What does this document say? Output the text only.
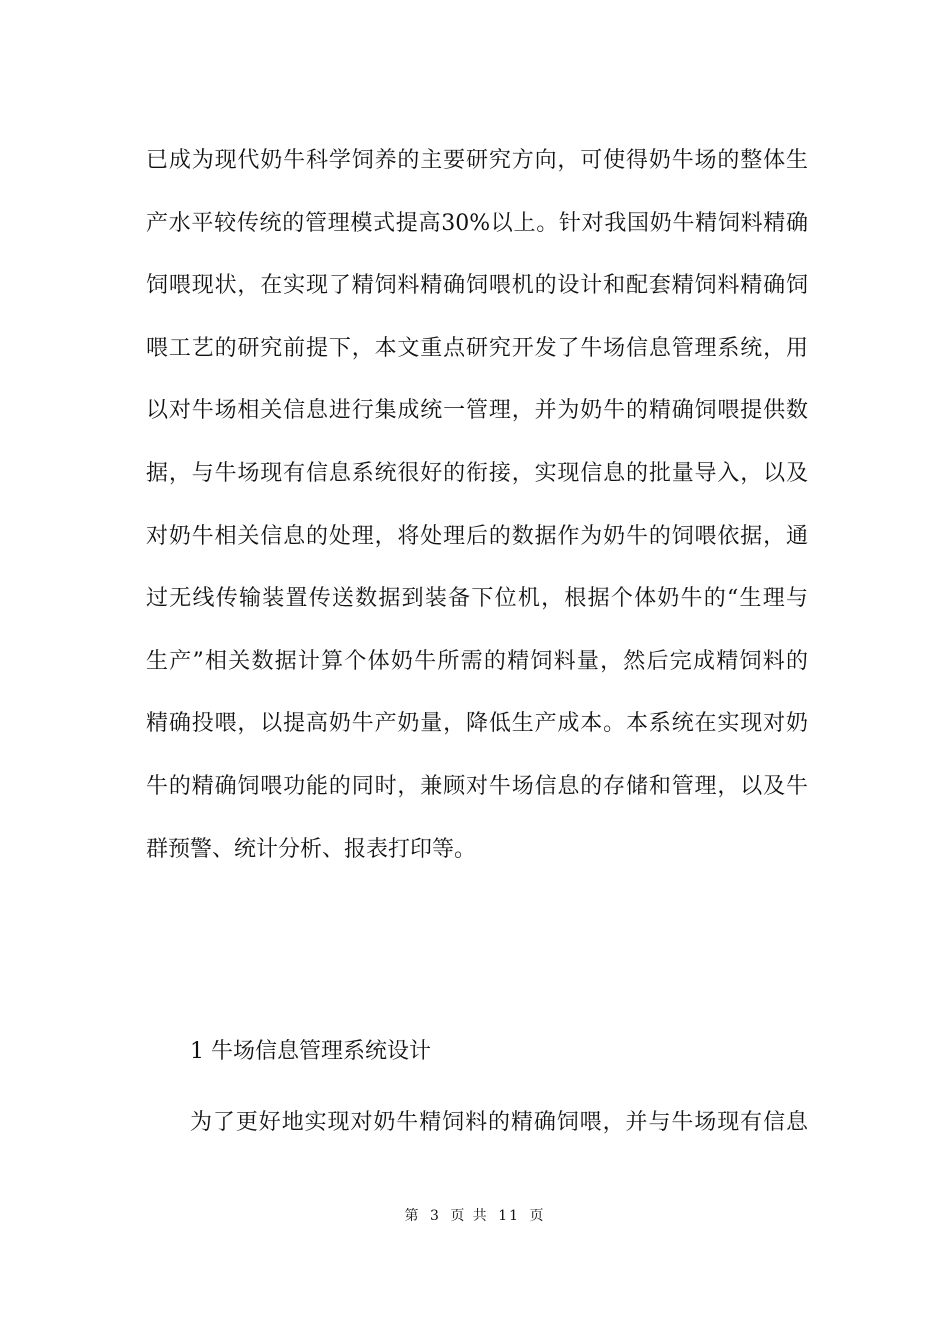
已成为现代奶牛科学饲养的主要研究方向，可使得奶牛场的整体生
产水平较传统的管理模式提高30%以上。针对我国奶牛精饲料精确
饲喂现状，在实现了精饲料精确饲喂机的设计和配套精饲料精确饲
喂工艺的研究前提下，本文重点研究开发了牛场信息管理系统，用
以对牛场相关信息进行集成统一管理，并为奶牛的精确饲喂提供数
据，与牛场现有信息系统很好的衔接，实现信息的批量导入，以及
对奶牛相关信息的处理，将处理后的数据作为奶牛的饲喂依据，通
过无线传输装置传送数据到装备下位机，根据个体奶牛的“生理与
生产”相关数据计算个体奶牛所需的精饲料量，然后完成精饲料的
精确投喂，以提高奶牛产奶量，降低生产成本。本系统在实现对奶
牛的精确饲喂功能的同时，兼顾对牛场信息的存储和管理，以及牛
群预警、统计分析、报表打印等。
1 牛场信息管理系统设计
为了更好地实现对奶牛精饲料的精确饲喂，并与牛场现有信息
第 3 页 共 11 页
